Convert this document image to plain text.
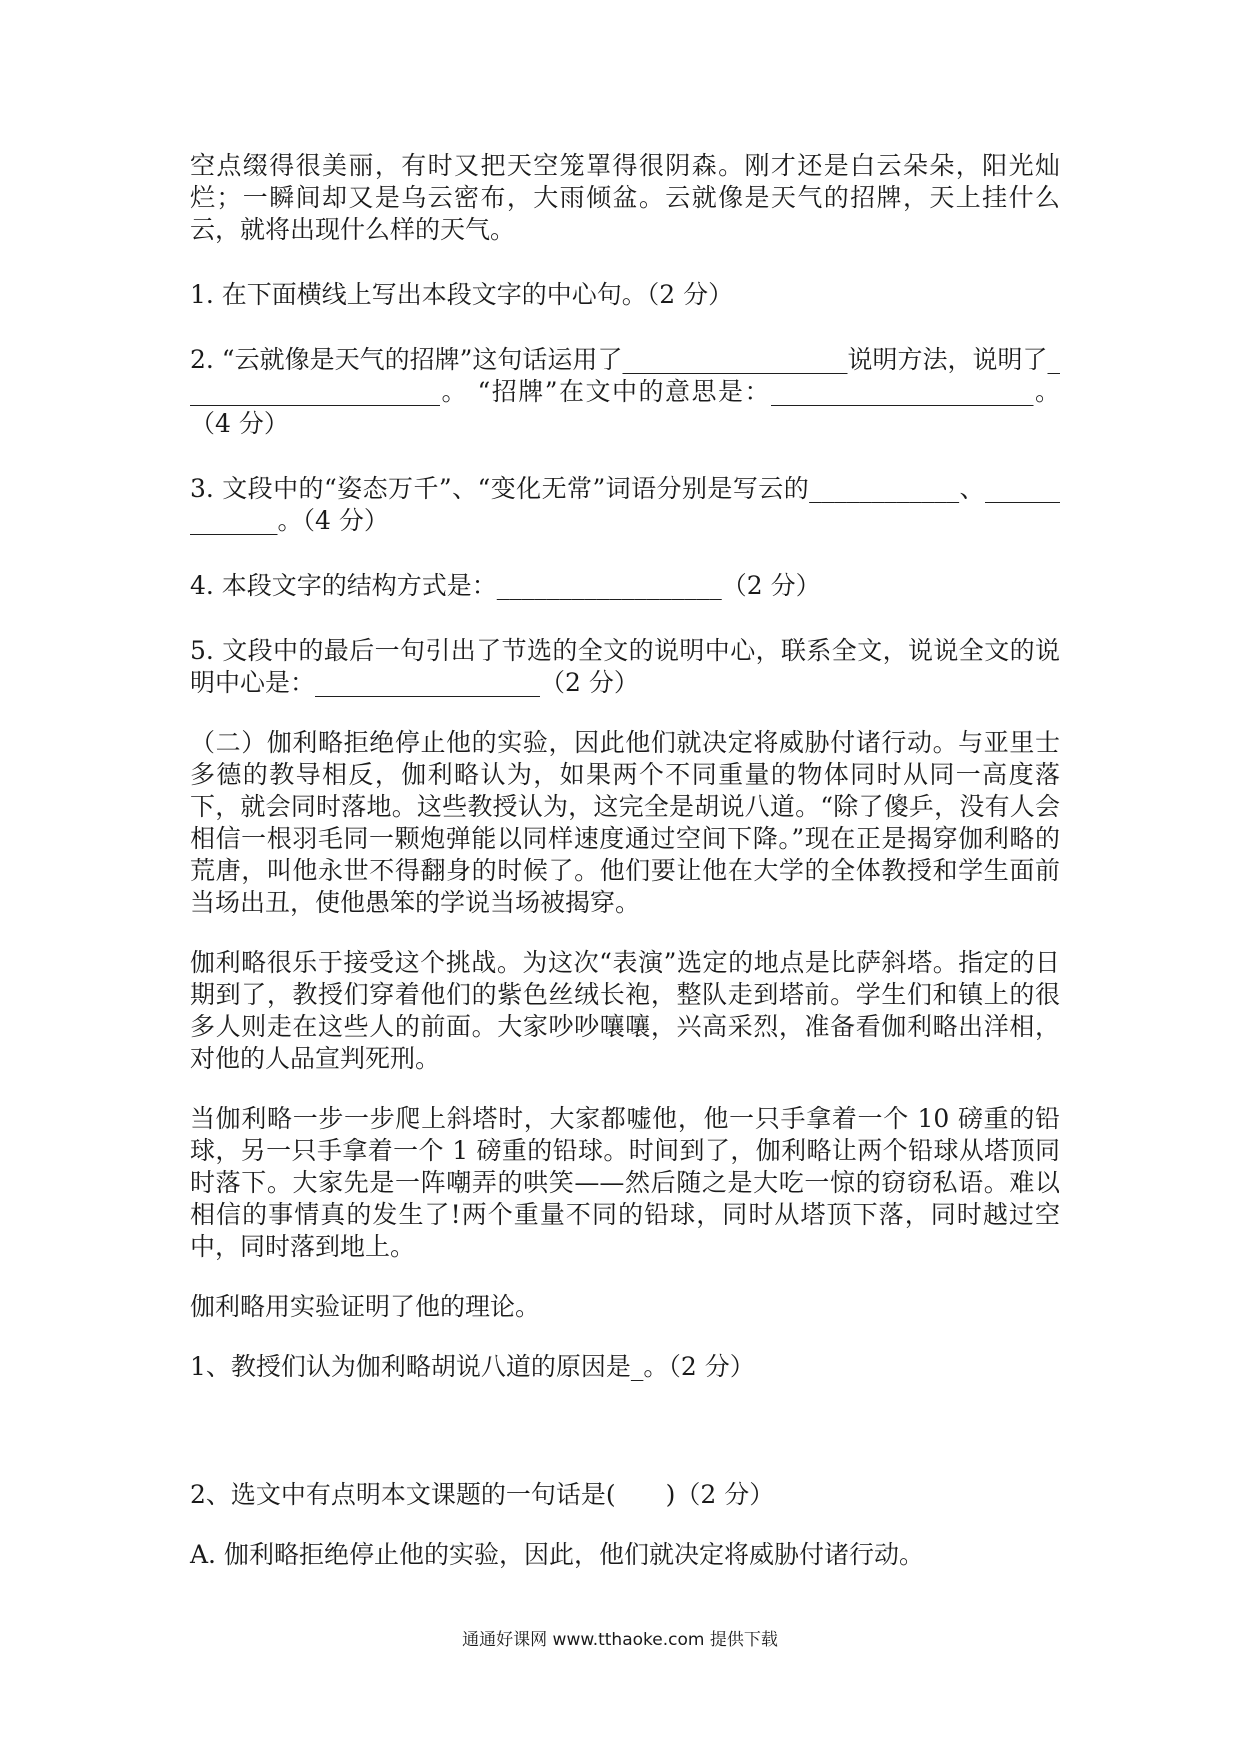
空点缀得很美丽，有时又把天空笼罩得很阴森。刚才还是白云朵朵，阳光灿烂；一瞬间却又是乌云密布，大雨倾盆。云就像是天气的招牌，天上挂什么云，就将出现什么样的天气。

1. 在下面横线上写出本段文字的中心句。（2 分）

2. “云就像是天气的招牌”这句话运用了__________________说明方法，说明了_____________________。 “招牌”在文中的意思是：_____________________。（4 分）

3. 文段中的“姿态万千”、“变化无常”词语分别是写云的____________、_____________。（4 分）

4. 本段文字的结构方式是：__________________（2 分）

5. 文段中的最后一句引出了节选的全文的说明中心，联系全文，说说全文的说明中心是：__________________（2 分）

（二）伽利略拒绝停止他的实验，因此他们就决定将威胁付诸行动。与亚里士多德的教导相反，伽利略认为，如果两个不同重量的物体同时从同一高度落下，就会同时落地。这些教授认为，这完全是胡说八道。“除了傻乒，没有人会相信一根羽毛同一颗炮弹能以同样速度通过空间下降。”现在正是揭穿伽利略的荒唐，叫他永世不得翻身的时候了。他们要让他在大学的全体教授和学生面前当场出丑，使他愚笨的学说当场被揭穿。

伽利略很乐于接受这个挑战。为这次“表演”选定的地点是比萨斜塔。指定的日期到了，教授们穿着他们的紫色丝绒长袍，整队走到塔前。学生们和镇上的很多人则走在这些人的前面。大家吵吵嚷嚷，兴高采烈，准备看伽利略出洋相，对他的人品宣判死刑。

当伽利略一步一步爬上斜塔时，大家都嘘他，他一只手拿着一个 10 磅重的铅球，另一只手拿着一个 1 磅重的铅球。时间到了，伽利略让两个铅球从塔顶同时落下。大家先是一阵嘲弄的哄笑——然后随之是大吃一惊的窃窃私语。难以相信的事情真的发生了!两个重量不同的铅球，同时从塔顶下落，同时越过空中，同时落到地上。

伽利略用实验证明了他的理论。

1、教授们认为伽利略胡说八道的原因是_。（2 分）

2、选文中有点明本文课题的一句话是(　　)（2 分）

A. 伽利略拒绝停止他的实验，因此，他们就决定将威胁付诸行动。

通通好课网 www.tthaoke.com 提供下载
